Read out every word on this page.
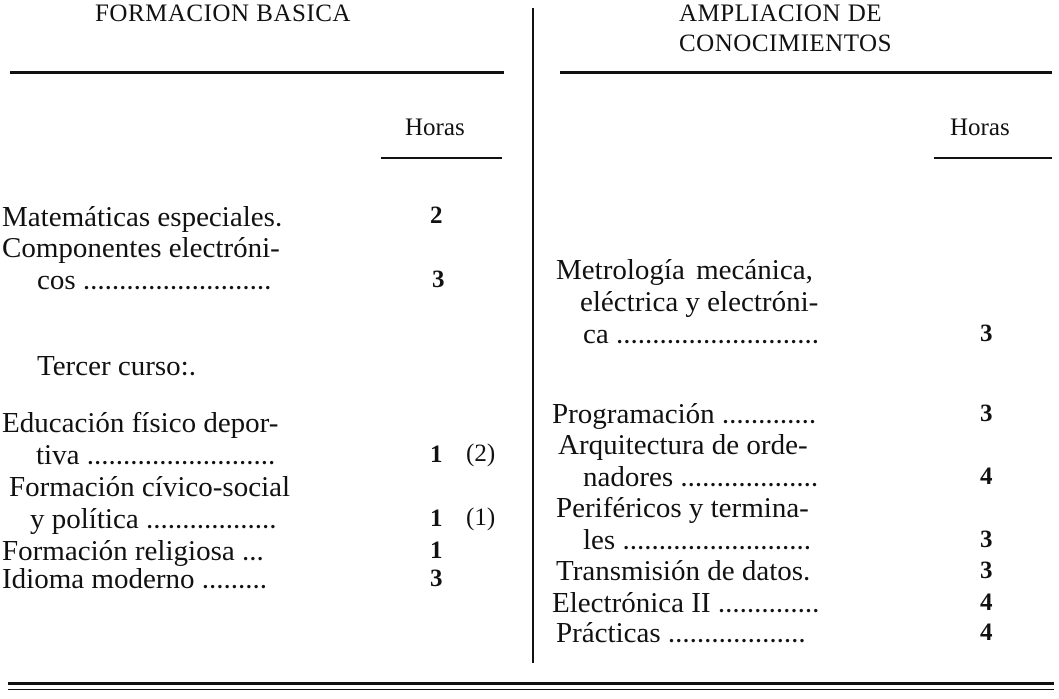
FORMACION BASICA
Horas
Matemáticas especiales.	2
Componentes electróni-
cos ..........................	3
Tercer curso:.
Educación físico depor-
tiva ..........................	1 (2)
Formación cívico-social
y política ..................	1 (1)
Formación religiosa ...	1
Idioma moderno .........	3
AMPLIACION DE
CONOCIMIENTOS
Horas
Metrología mecánica,
eléctrica y electróni-
ca ............................	3
Programación .............	3
Arquitectura de orde-
nadores ...................	4
Periféricos y termina-
les ..........................	3
Transmisión de datos.	3
Electrónica II ..............	4
Prácticas ...................	4
